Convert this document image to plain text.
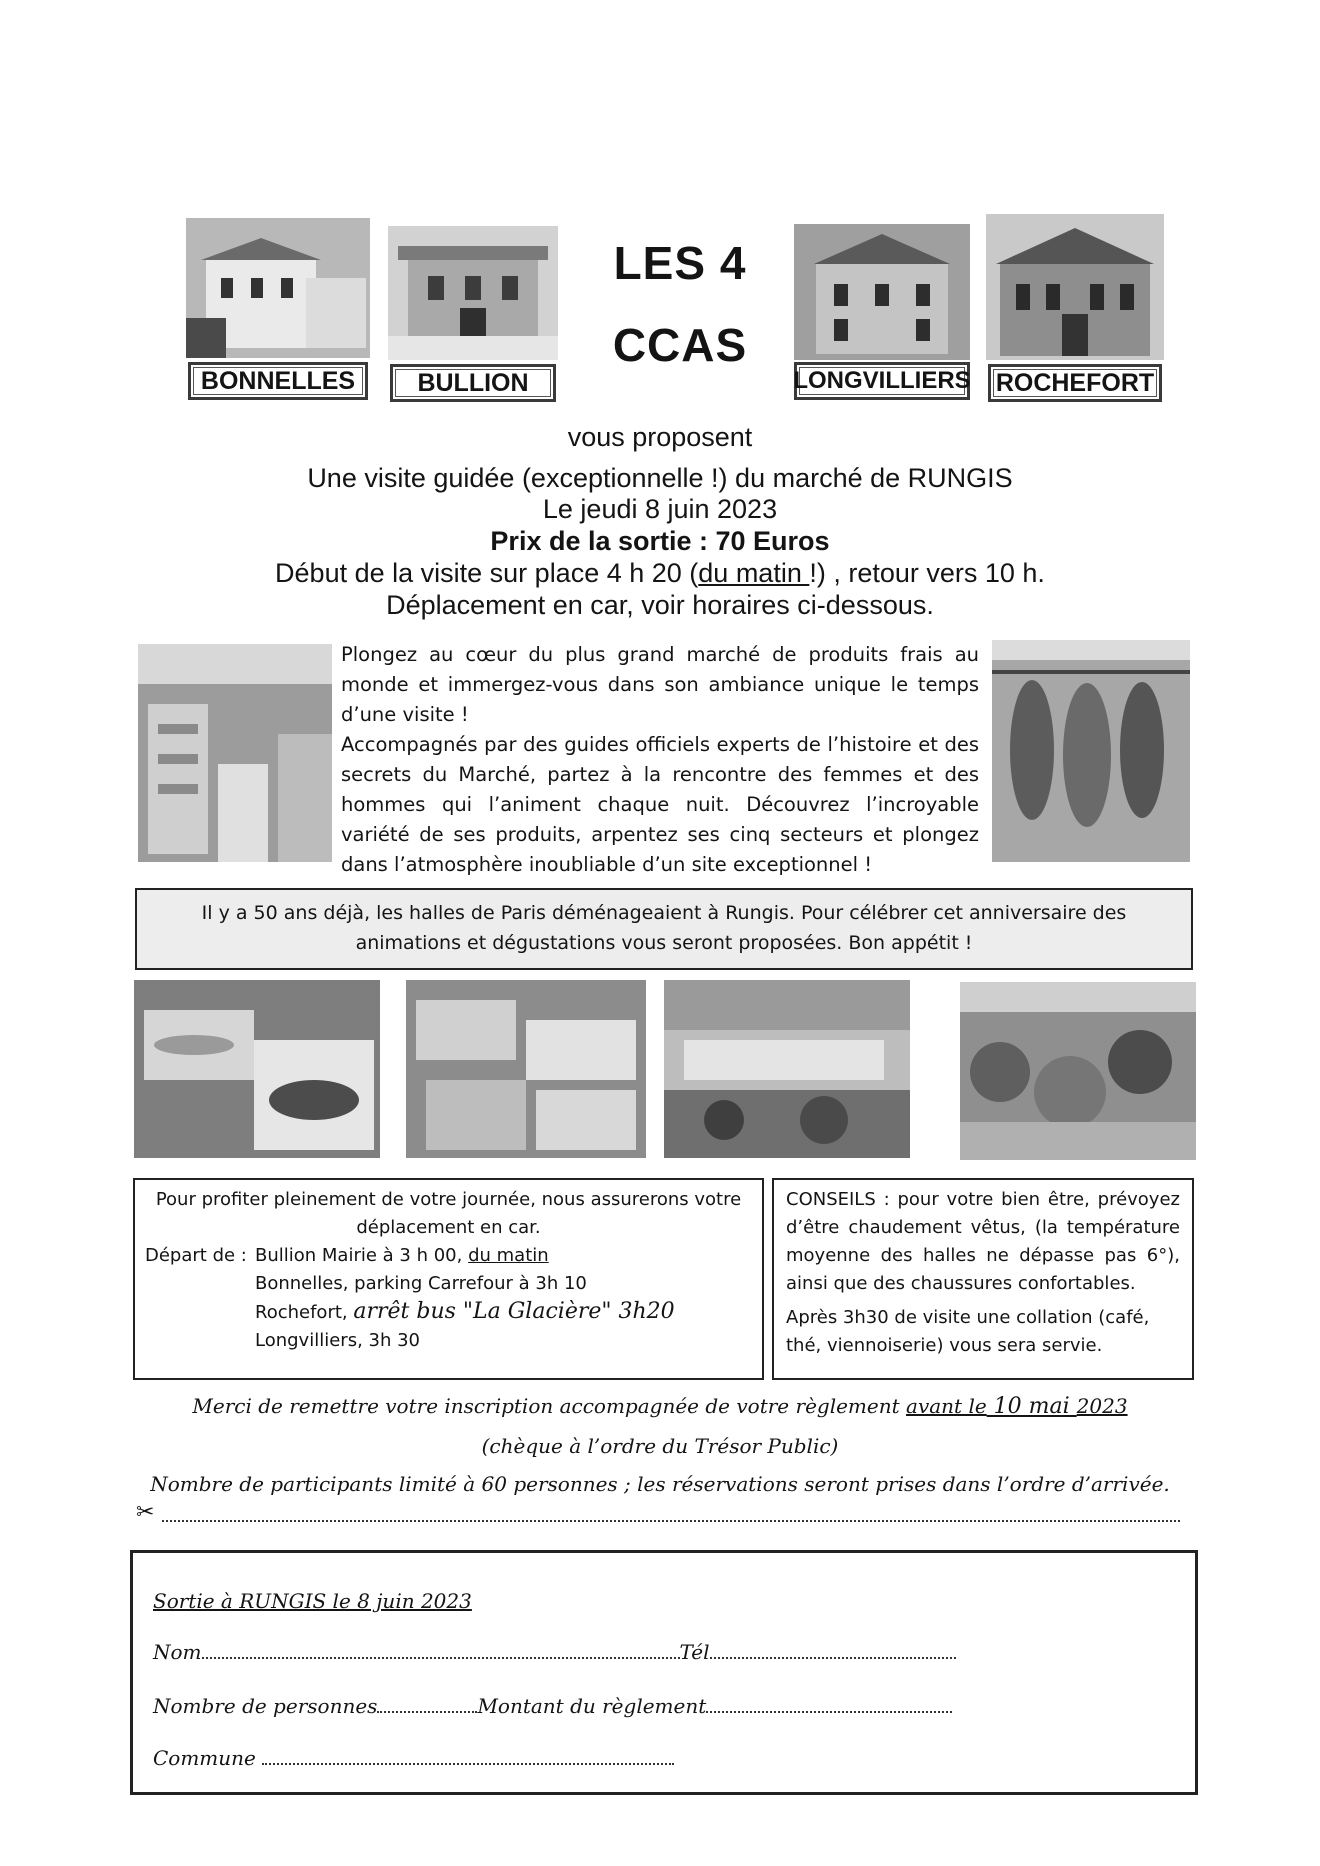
BONNELLES	BULLION
LES 4
CCAS
LONGVILLIERS	ROCHEFORT
vous proposent
Une visite guidée (exceptionnelle !) du marché de RUNGIS
Le jeudi 8 juin 2023
Prix de la sortie : 70 Euros
Début de la visite sur place 4 h 20 (du matin !) , retour vers 10 h.
Déplacement en car, voir horaires ci-dessous.

Plongez au cœur du plus grand marché de produits frais au monde et immergez-vous dans son ambiance unique le temps d’une visite !

Accompagnés par des guides officiels experts de l’histoire et des secrets du Marché, partez à la rencontre des femmes et des hommes qui l’animent chaque nuit. Découvrez l’incroyable variété de ses produits, arpentez ses cinq secteurs et plongez dans l’atmosphère inoubliable d’un site exceptionnel !

Il y a 50 ans déjà, les halles de Paris déménageaient à Rungis. Pour célébrer cet anniversaire des animations et dégustations vous seront proposées. Bon appétit !
Pour profiter pleinement de votre journée, nous assurerons votre déplacement en car.
Départ de : Bullion Mairie à 3 h 00, du matin
Bonnelles, parking Carrefour à 3h 10
Rochefort, arrêt bus "La Glacière" 3h20
Longvilliers, 3h 30
CONSEILS : pour votre bien être, prévoyez d’être chaudement vêtus, (la température moyenne des halles ne dépasse pas 6°), ainsi que des chaussures confortables.
Après 3h30 de visite une collation (café, thé, viennoiserie) vous sera servie.
Merci de remettre votre inscription accompagnée de votre règlement avant le 10 mai 2023
(chèque à l’ordre du Trésor Public)
Nombre de participants limité à 60 personnes ; les réservations seront prises dans l’ordre d’arrivée.
✂
Sortie à RUNGIS le 8 juin 2023
Nom	Tél
Nombre de personnes	Montant du règlement
Commune
